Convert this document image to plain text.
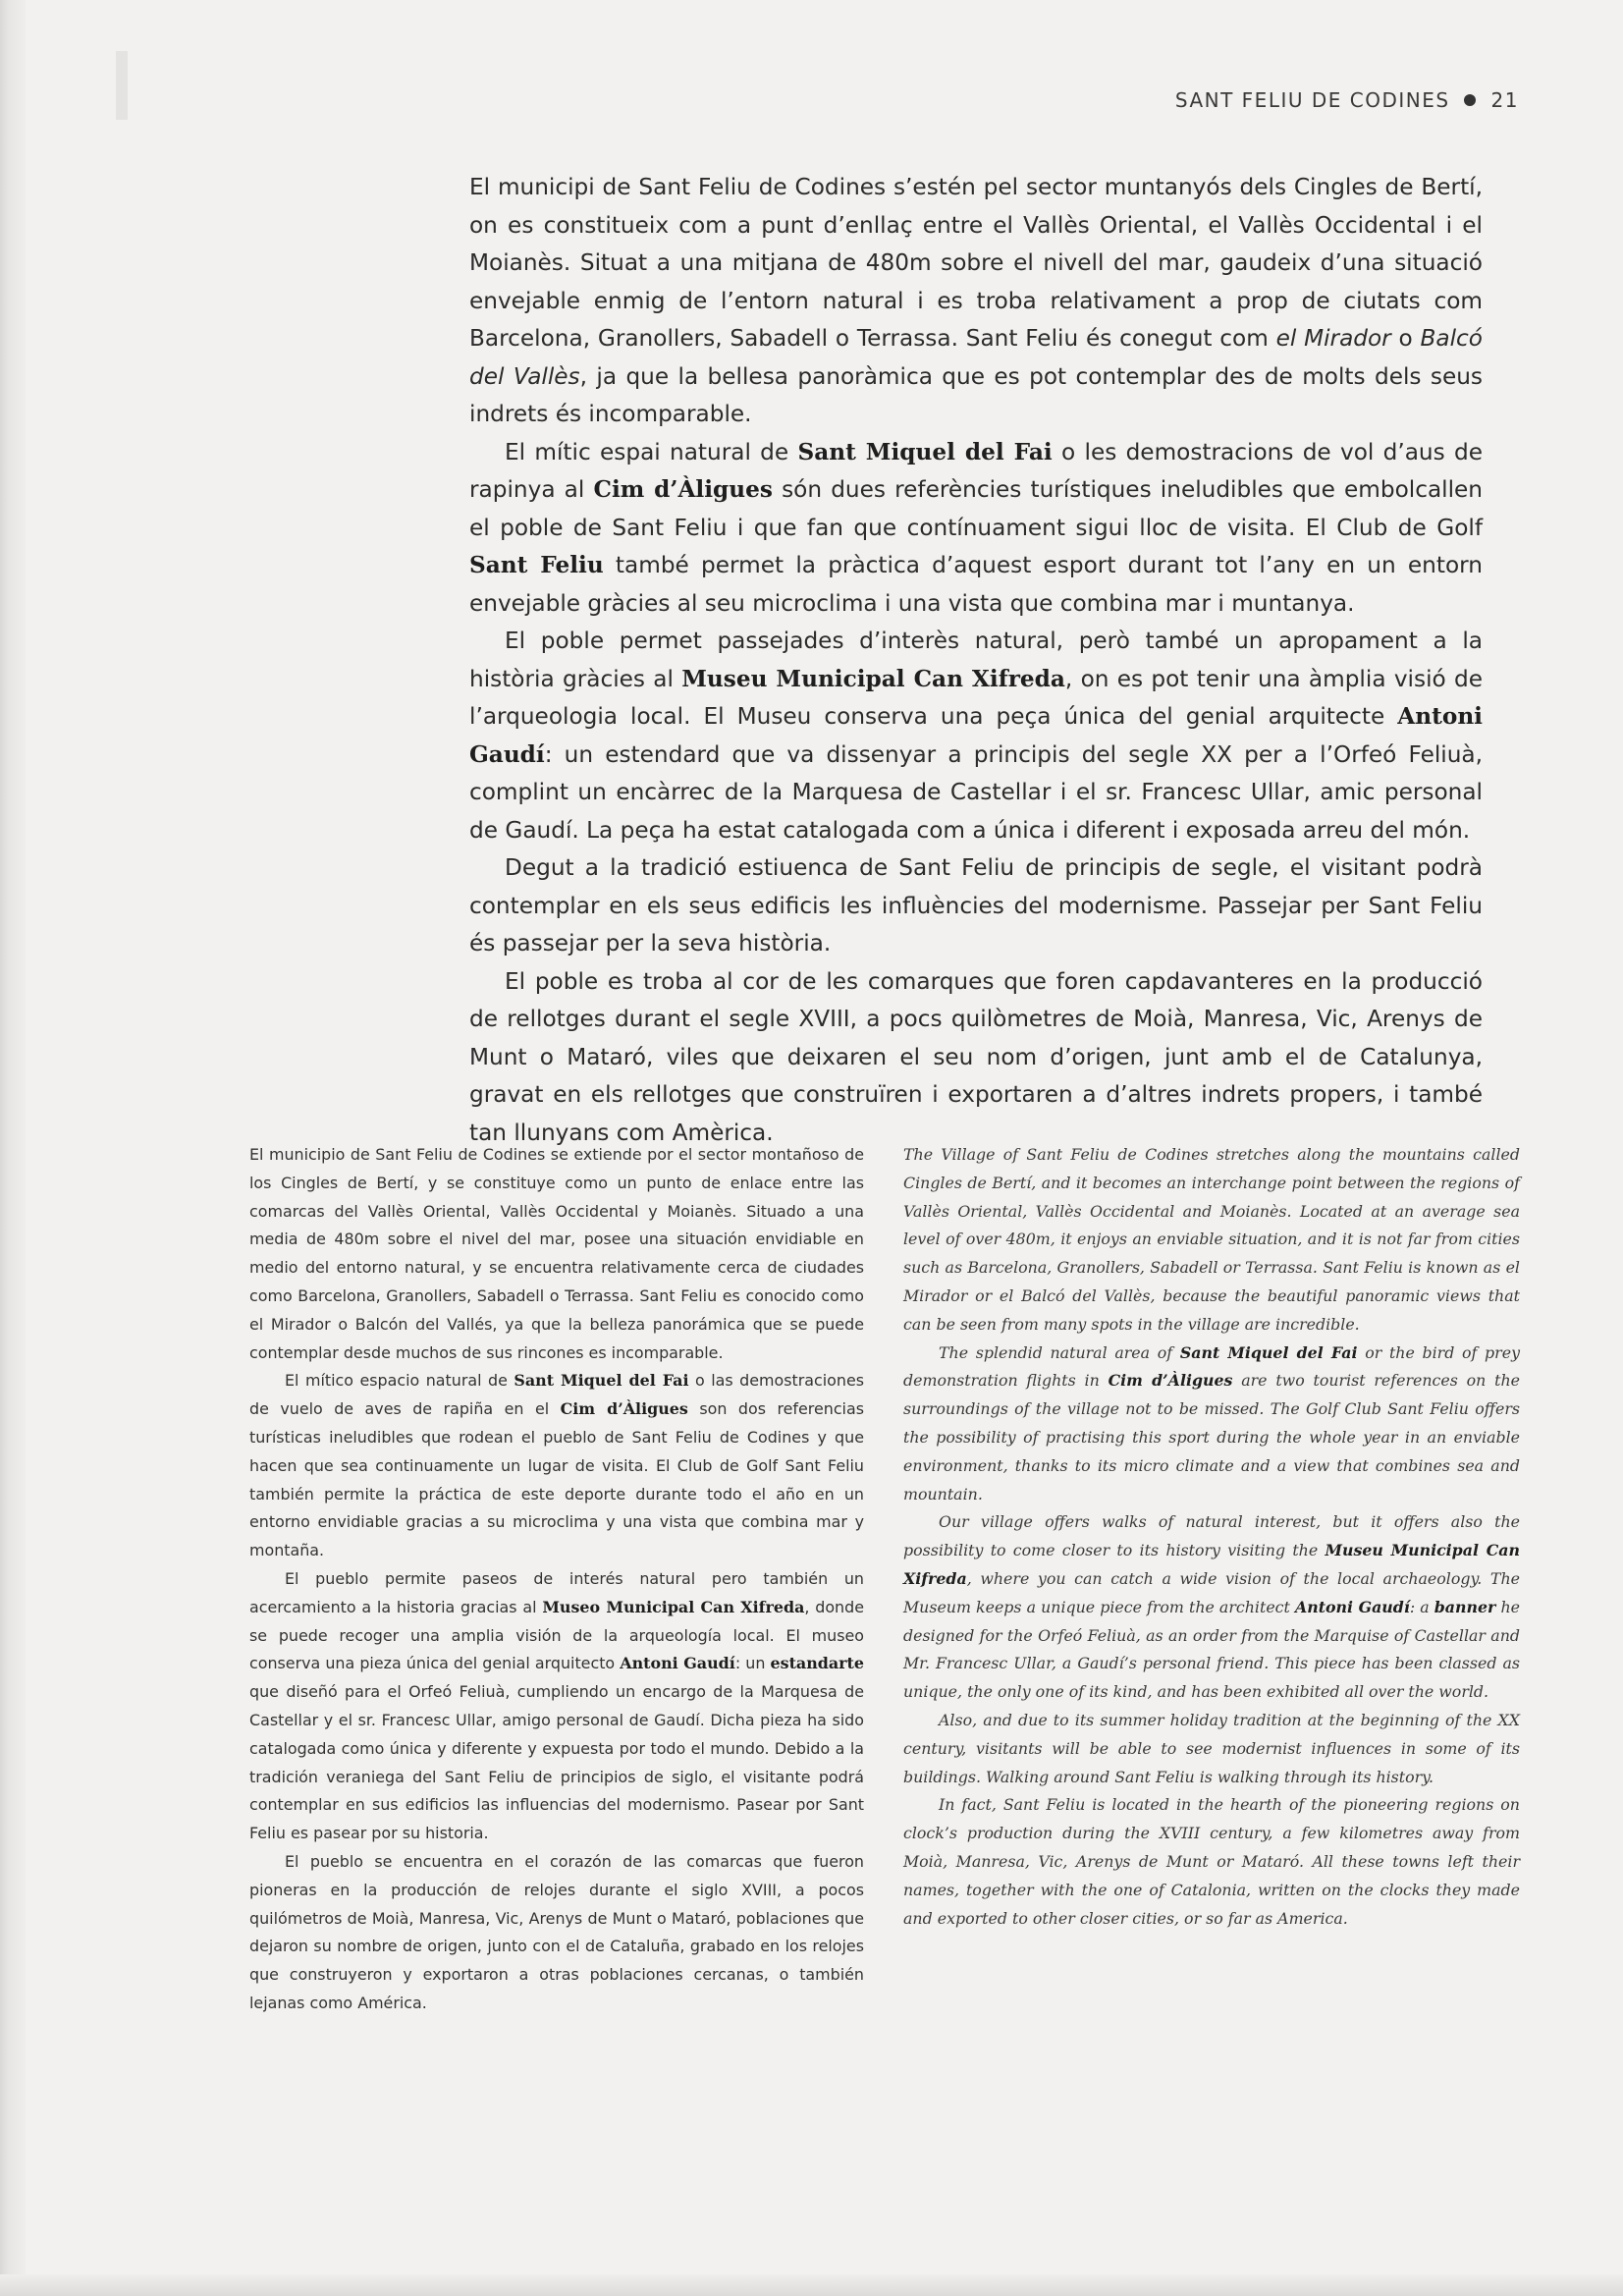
SANT FELIU DE CODINES 21

El municipi de Sant Feliu de Codines s’estén pel sector muntanyós dels Cingles de Bertí, on es constitueix com a punt d’enllaç entre el Vallès Oriental, el Vallès Occidental i el Moianès. Situat a una mitjana de 480m sobre el nivell del mar, gaudeix d’una situació envejable enmig de l’entorn natural i es troba relativament a prop de ciutats com Barcelona, Granollers, Sabadell o Terrassa. Sant Feliu és conegut com el Mirador o Balcó del Vallès, ja que la bellesa panoràmica que es pot contemplar des de molts dels seus indrets és incomparable.

El mític espai natural de Sant Miquel del Fai o les demostracions de vol d’aus de rapinya al Cim d’Àligues són dues referències turístiques ineludibles que embolcallen el poble de Sant Feliu i que fan que contínuament sigui lloc de visita. El Club de Golf Sant Feliu també permet la pràctica d’aquest esport durant tot l’any en un entorn envejable gràcies al seu microclima i una vista que combina mar i muntanya.

El poble permet passejades d’interès natural, però també un apropament a la història gràcies al Museu Municipal Can Xifreda, on es pot tenir una àmplia visió de l’arqueologia local. El Museu conserva una peça única del genial arquitecte Antoni Gaudí: un estendard que va dissenyar a principis del segle XX per a l’Orfeó Feliuà, complint un encàrrec de la Marquesa de Castellar i el sr. Francesc Ullar, amic personal de Gaudí. La peça ha estat catalogada com a única i diferent i exposada arreu del món.

Degut a la tradició estiuenca de Sant Feliu de principis de segle, el visitant podrà contemplar en els seus edificis les influències del modernisme. Passejar per Sant Feliu és passejar per la seva història.

El poble es troba al cor de les comarques que foren capdavanteres en la producció de rellotges durant el segle XVIII, a pocs quilòmetres de Moià, Manresa, Vic, Arenys de Munt o Mataró, viles que deixaren el seu nom d’origen, junt amb el de Catalunya, gravat en els rellotges que construïren i exportaren a d’altres indrets propers, i també tan llunyans com Amèrica.

El municipio de Sant Feliu de Codines se extiende por el sector montañoso de los Cingles de Bertí, y se constituye como un punto de enlace entre las comarcas del Vallès Oriental, Vallès Occidental y Moianès. Situado a una media de 480m sobre el nivel del mar, posee una situación envidiable en medio del entorno natural, y se encuentra relativamente cerca de ciudades como Barcelona, Granollers, Sabadell o Terrassa. Sant Feliu es conocido como el Mirador o Balcón del Vallés, ya que la belleza panorámica que se puede contemplar desde muchos de sus rincones es incomparable.

El mítico espacio natural de Sant Miquel del Fai o las demostraciones de vuelo de aves de rapiña en el Cim d’Àligues son dos referencias turísticas ineludibles que rodean el pueblo de Sant Feliu de Codines y que hacen que sea continuamente un lugar de visita. El Club de Golf Sant Feliu también permite la práctica de este deporte durante todo el año en un entorno envidiable gracias a su microclima y una vista que combina mar y montaña.

El pueblo permite paseos de interés natural pero también un acercamiento a la historia gracias al Museo Municipal Can Xifreda, donde se puede recoger una amplia visión de la arqueología local. El museo conserva una pieza única del genial arquitecto Antoni Gaudí: un estandarte que diseñó para el Orfeó Feliuà, cumpliendo un encargo de la Marquesa de Castellar y el sr. Francesc Ullar, amigo personal de Gaudí. Dicha pieza ha sido catalogada como única y diferente y expuesta por todo el mundo. Debido a la tradición veraniega del Sant Feliu de principios de siglo, el visitante podrá contemplar en sus edificios las influencias del modernismo. Pasear por Sant Feliu es pasear por su historia.

El pueblo se encuentra en el corazón de las comarcas que fueron pioneras en la producción de relojes durante el siglo XVIII, a pocos quilómetros de Moià, Manresa, Vic, Arenys de Munt o Mataró, poblaciones que dejaron su nombre de origen, junto con el de Cataluña, grabado en los relojes que construyeron y exportaron a otras poblaciones cercanas, o también lejanas como América.

The Village of Sant Feliu de Codines stretches along the mountains called Cingles de Bertí, and it becomes an interchange point between the regions of Vallès Oriental, Vallès Occidental and Moianès. Located at an average sea level of over 480m, it enjoys an enviable situation, and it is not far from cities such as Barcelona, Granollers, Sabadell or Terrassa. Sant Feliu is known as el Mirador or el Balcó del Vallès, because the beautiful panoramic views that can be seen from many spots in the village are incredible.

The splendid natural area of Sant Miquel del Fai or the bird of prey demonstration flights in Cim d’Àligues are two tourist references on the surroundings of the village not to be missed. The Golf Club Sant Feliu offers the possibility of practising this sport during the whole year in an enviable environment, thanks to its micro climate and a view that combines sea and mountain.

Our village offers walks of natural interest, but it offers also the possibility to come closer to its history visiting the Museu Municipal Can Xifreda, where you can catch a wide vision of the local archaeology. The Museum keeps a unique piece from the architect Antoni Gaudí: a banner he designed for the Orfeó Feliuà, as an order from the Marquise of Castellar and Mr. Francesc Ullar, a Gaudí’s personal friend. This piece has been classed as unique, the only one of its kind, and has been exhibited all over the world.

Also, and due to its summer holiday tradition at the beginning of the XX century, visitants will be able to see modernist influences in some of its buildings. Walking around Sant Feliu is walking through its history.

In fact, Sant Feliu is located in the hearth of the pioneering regions on clock’s production during the XVIII century, a few kilometres away from Moià, Manresa, Vic, Arenys de Munt or Mataró. All these towns left their names, together with the one of Catalonia, written on the clocks they made and exported to other closer cities, or so far as America.
